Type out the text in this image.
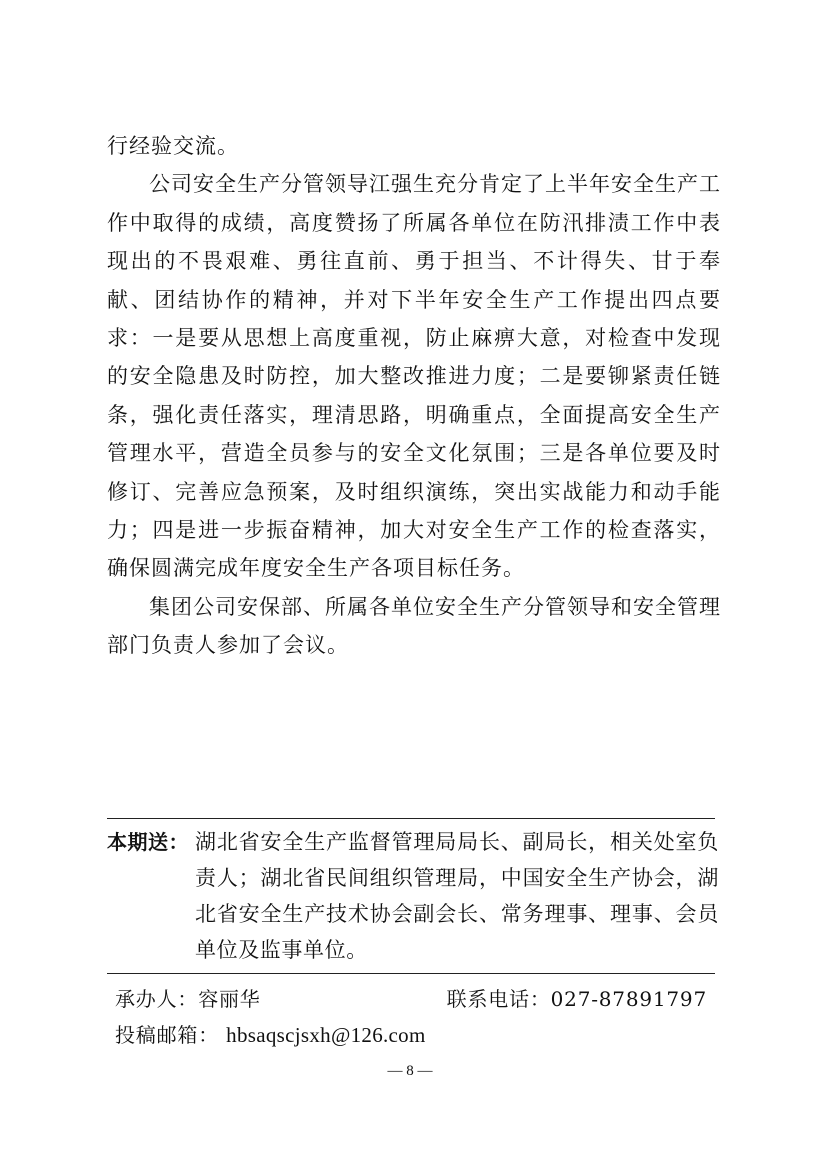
行经验交流。

公司安全生产分管领导江强生充分肯定了上半年安全生产工作中取得的成绩，高度赞扬了所属各单位在防汛排渍工作中表现出的不畏艰难、勇往直前、勇于担当、不计得失、甘于奉献、团结协作的精神，并对下半年安全生产工作提出四点要求：一是要从思想上高度重视，防止麻痹大意，对检查中发现的安全隐患及时防控，加大整改推进力度；二是要铆紧责任链条，强化责任落实，理清思路，明确重点，全面提高安全生产管理水平，营造全员参与的安全文化氛围；三是各单位要及时修订、完善应急预案，及时组织演练，突出实战能力和动手能力；四是进一步振奋精神，加大对安全生产工作的检查落实，确保圆满完成年度安全生产各项目标任务。

集团公司安保部、所属各单位安全生产分管领导和安全管理部门负责人参加了会议。

本期送： 湖北省安全生产监督管理局局长、副局长，相关处室负责人；湖北省民间组织管理局，中国安全生产协会，湖北省安全生产技术协会副会长、常务理事、理事、会员单位及监事单位。
承办人：容丽华	联系电话：027-87891797
投稿邮箱： hbsaqscjsxh@126.com
— 8 —
